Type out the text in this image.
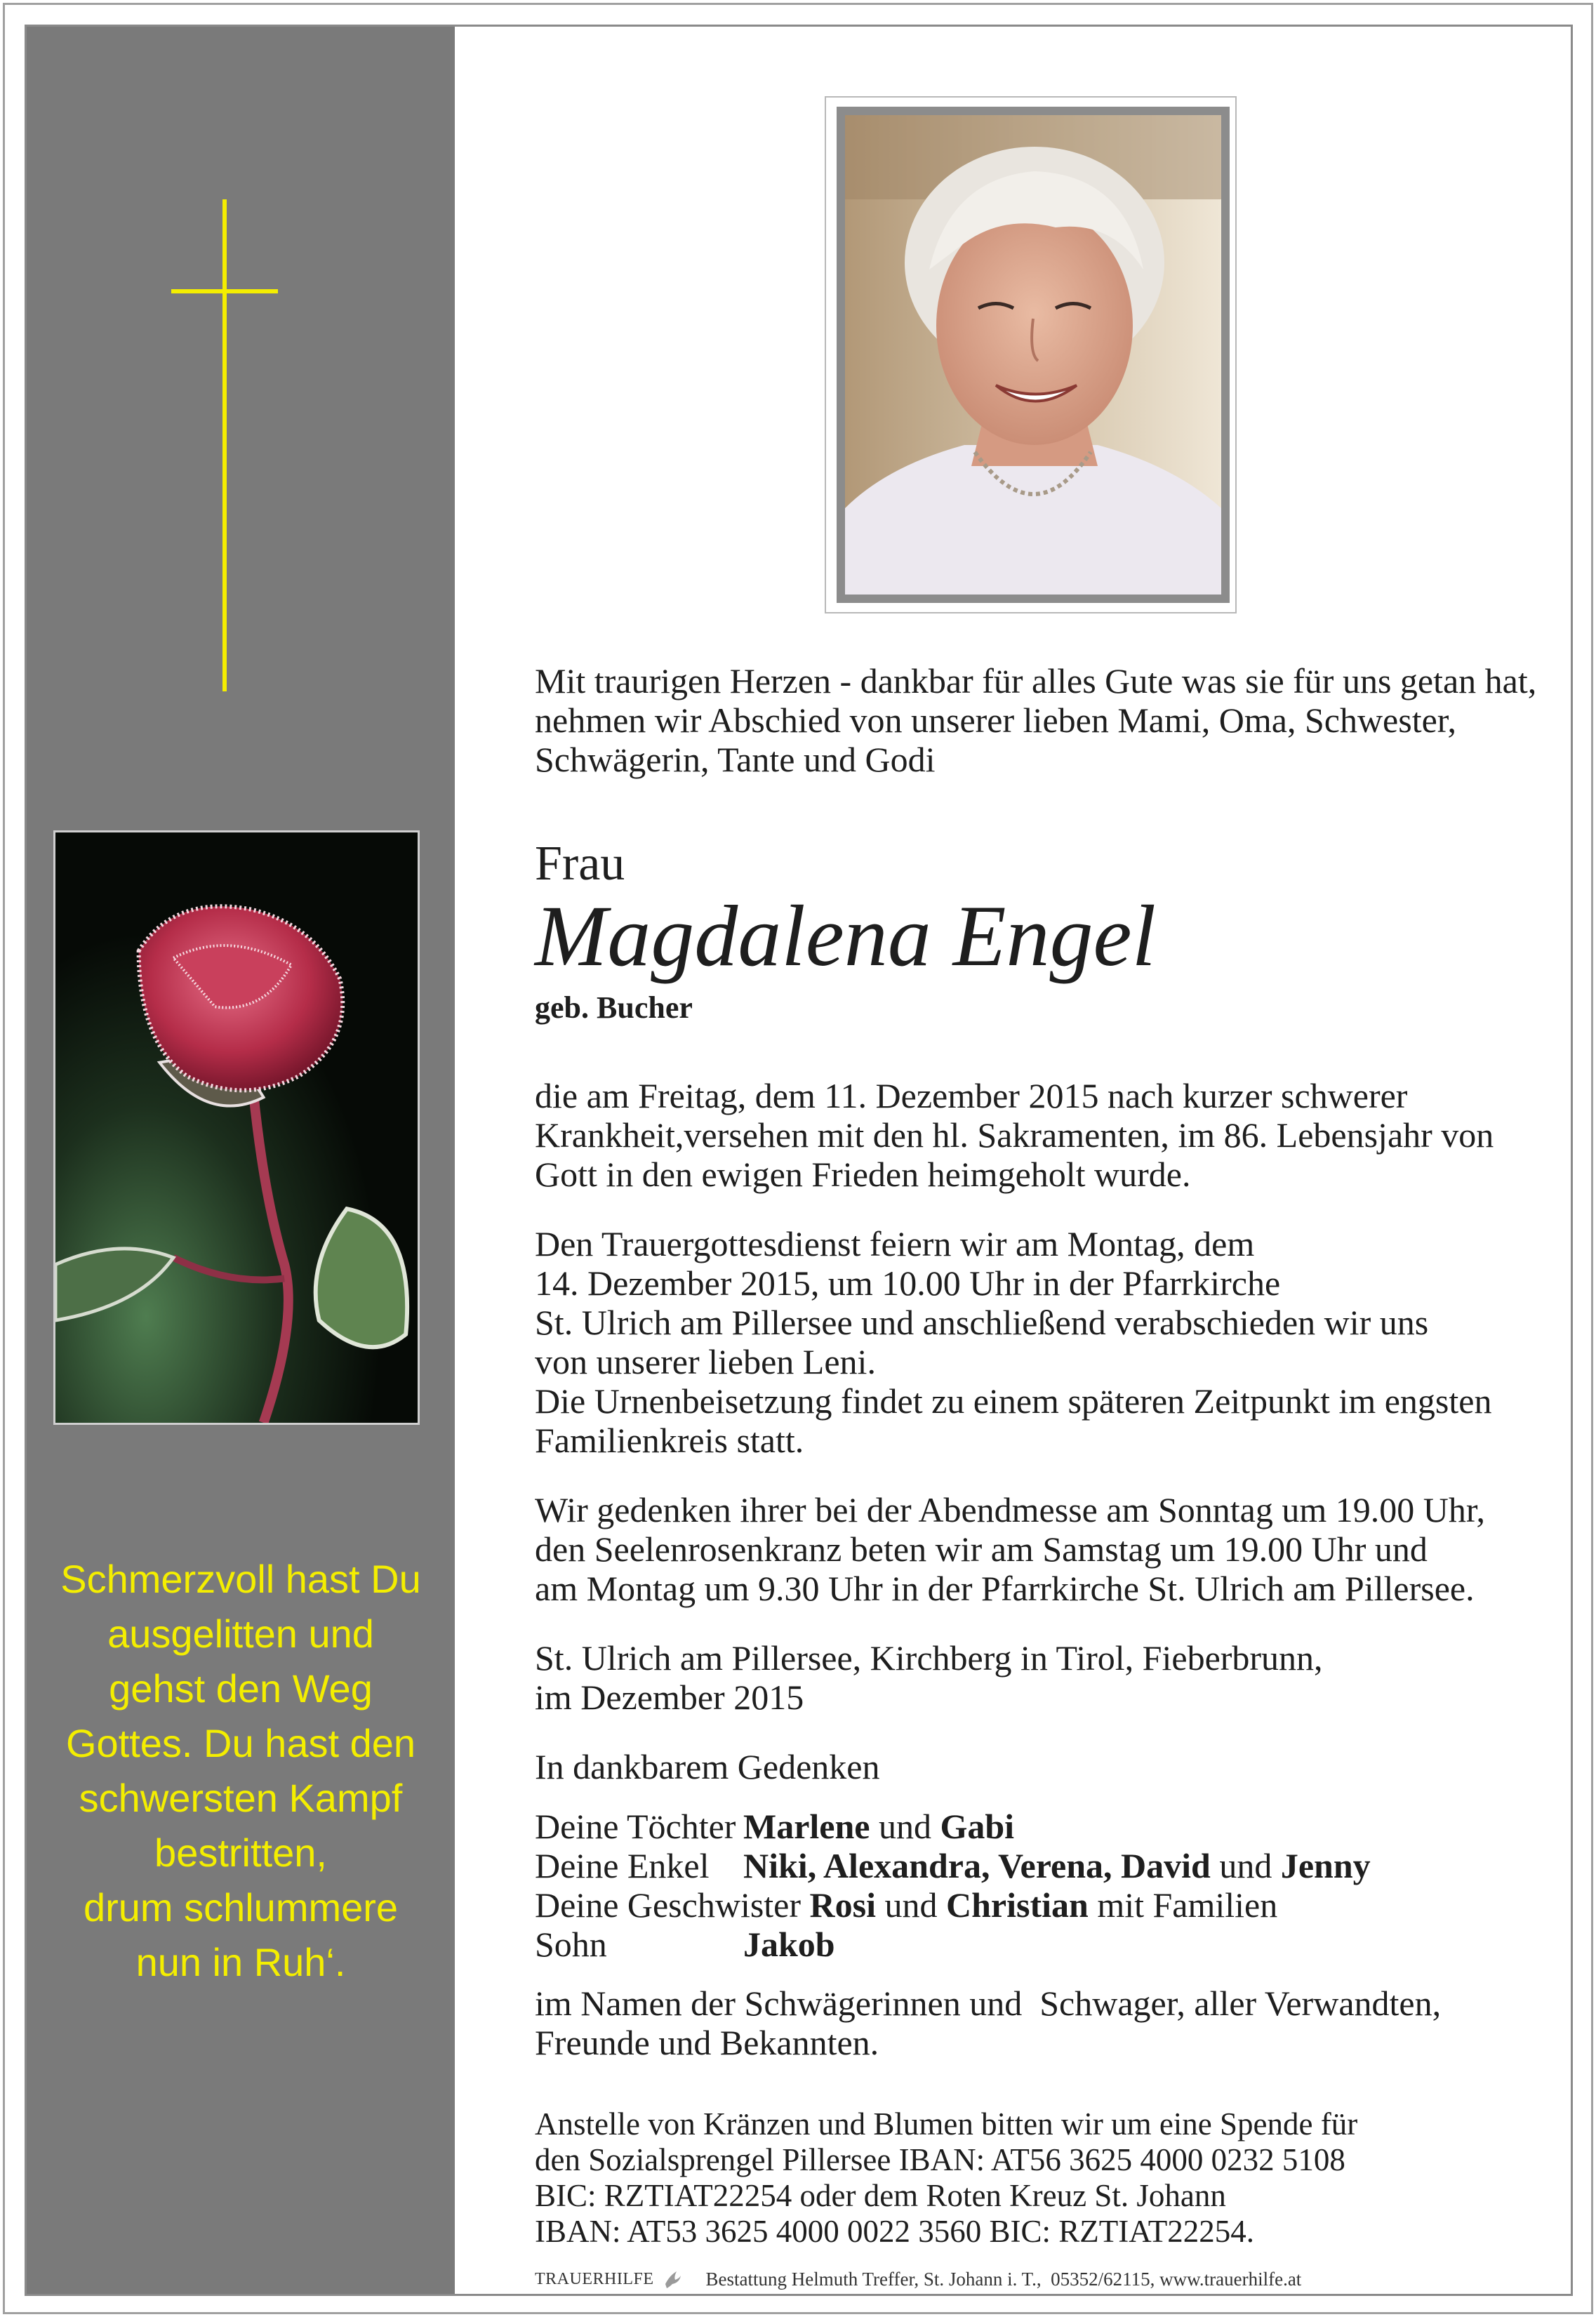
Schmerzvoll hast Du
ausgelitten und
gehst den Weg
Gottes. Du hast den
schwersten Kampf
bestritten,
drum schlummere
nun in Ruh‘.
Mit traurigen Herzen - dankbar für alles Gute was sie für uns getan hat,
nehmen wir Abschied von unserer lieben Mami, Oma, Schwester,
Schwägerin, Tante und Godi
Frau
Magdalena Engel
geb. Bucher
die am Freitag, dem 11. Dezember 2015 nach kurzer schwerer
Krankheit,versehen mit den hl. Sakramenten, im 86. Lebensjahr von
Gott in den ewigen Frieden heimgeholt wurde.
Den Trauergottesdienst feiern wir am Montag, dem
14. Dezember 2015, um 10.00 Uhr in der Pfarrkirche
St. Ulrich am Pillersee und anschließend verabschieden wir uns
von unserer lieben Leni.
Die Urnenbeisetzung findet zu einem späteren Zeitpunkt im engsten
Familienkreis statt.
Wir gedenken ihrer bei der Abendmesse am Sonntag um 19.00 Uhr,
den Seelenrosenkranz beten wir am Samstag um 19.00 Uhr und
am Montag um 9.30 Uhr in der Pfarrkirche St. Ulrich am Pillersee.
St. Ulrich am Pillersee, Kirchberg in Tirol, Fieberbrunn,
im Dezember 2015
In dankbarem Gedenken
Deine Töchter Marlene und Gabi
Deine Enkel Niki, Alexandra, Verena, David und Jenny
Deine Geschwister Rosi und Christian mit Familien
Sohn	Jakob
im Namen der Schwägerinnen und  Schwager, aller Verwandten,
Freunde und Bekannten.
Anstelle von Kränzen und Blumen bitten wir um eine Spende für
den Sozialsprengel Pillersee IBAN: AT56 3625 4000 0232 5108
BIC: RZTIAT22254 oder dem Roten Kreuz St. Johann
IBAN: AT53 3625 4000 0022 3560 BIC: RZTIAT22254.
TRAUERHILFE	Bestattung Helmuth Treffer, St. Johann i. T.,  05352/62115, www.trauerhilfe.at
